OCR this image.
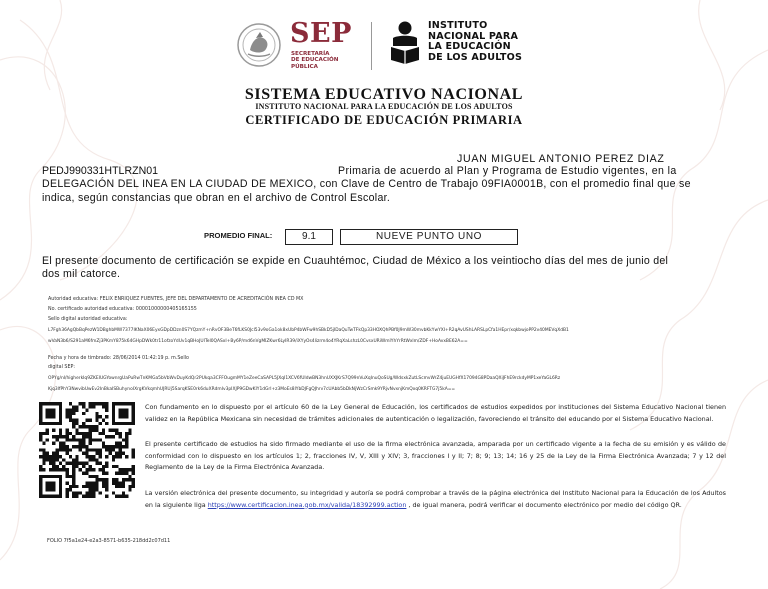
SEP
SECRETARÍA
DE EDUCACIÓN
PÚBLICA
INSTITUTO
NACIONAL PARA
LA EDUCACIÓN
DE LOS ADULTOS
SISTEMA EDUCATIVO NACIONAL
INSTITUTO NACIONAL PARA LA EDUCACIÓN DE LOS ADULTOS
CERTIFICADO DE EDUCACIÓN PRIMARIA
JUAN MIGUEL ANTONIO PEREZ DIAZ
PEDJ990331HTLRZN01	Primaria de acuerdo al Plan y Programa de Estudio vigentes, en la
DELEGACIÓN DEL INEA EN LA CIUDAD DE MEXICO, con Clave de Centro de Trabajo 09FIA0001B, con el promedio final que se
indica, según constancias que obran en el archivo de Control Escolar.
PROMEDIO FINAL:	9.1	NUEVE PUNTO UNO
El presente documento de certificación se expide en Cuauhtémoc, Ciudad de México a los veintiocho días del mes de junio del
dos mil catorce.
Autoridad educativa: FELIX ENRIQUEZ FUENTES, JEFE DEL DEPARTAMENTO DE ACREDITACIÓN INEA CD MX
No. certificado autoridad educativa: 00001000000405165155
Sello digital autoridad educativa:
L7Fgh36AgQbBqPezW1DBghbMW7377IKNaX06EyxGDpDDzn0S7YQzmY+nRvOF3BeT6fLKS0Jcl53v9oGa1ok8xUbP4bWFw9hSBkD5jIDaQuTwTFkQp33HOXQhPBf0J9mW30mvbKkYwYXI+R2qAvUShLARSLpCfa1HEpr/xqkbwjoPP2v40MEVqXdB1
wVaN3b6/S291aM6fmZj3PKmY875k64GHpDWk0tr11ofzoYdUv1qBHoJUlTeI0QASxI+By6P/md6nVgMIZKwr6LyIR39/iXYyOs4lizrm4o4YRqXaLshzL0CvsxURiWmlYhYrRtWxlm/ZDF+HoAvxBE62A==
Fecha y hora de timbrado: 28/06/2014 01:42:19 p. m.Sello
digital SEP:
OPYg/nI/higherkIq9ZKEIUGYownrgUaPuRwTnKMGa5bVbWvDuyKdQr2PUkqa3CFFOugmMY1eZeeCaSAPL5JXqI1XCV6fUIdwBN3hnUXXJKrS7Q99nVuXqInuQoSUg/WdsxkZutLScmvWrZ4juEUGHfX17094G8PDaaQXiJFhE9rckdyMP1xeYaGL6Rz
Kjq3lfPhY3NwvibUwEv2InBkaISBuhynoIXrgKVkqmhUJRUj5SarqKSE0rk6duXRdmIv3pIXJP9GDwKIY1dGrl+z3MoEs8lYbDJFgQJhrv7cUAbb5bDkNjWzCrSmk9YRjvNvxnjKmQxq0KRFTG7j5kA==
Con fundamento en lo dispuesto por el artículo 60 de la Ley General de Educación, los certificados de estudios expedidos por instituciones del Sistema Educativo Nacional tienen validez en la República Mexicana sin necesidad de trámites adicionales de autenticación o legalización, favoreciendo el tránsito del educando por el Sistema Educativo Nacional.
El presente certificado de estudios ha sido firmado mediante el uso de la firma electrónica avanzada, amparada por un certificado vigente a la fecha de su emisión y es válido de conformidad con lo dispuesto en los artículos 1; 2, fracciones IV, V, XIII y XIV; 3, fracciones I y II; 7; 8; 9; 13; 14; 16 y 25 de la Ley de la Firma Electrónica Avanzada; 7 y 12 del Reglamento de la Ley de la Firma Electrónica Avanzada.
La versión electrónica del presente documento, su integridad y autoría se podrá comprobar a través de la página electrónica del Instituto Nacional para la Educación de los Adultos en la siguiente liga https://www.certificacion.inea.gob.mx/valida/18392999.action , de igual manera, podrá verificar el documento electrónico por medio del código QR.
FOLIO 7f5a1e24-e2a3-8571-b635-218dd2c07d11
